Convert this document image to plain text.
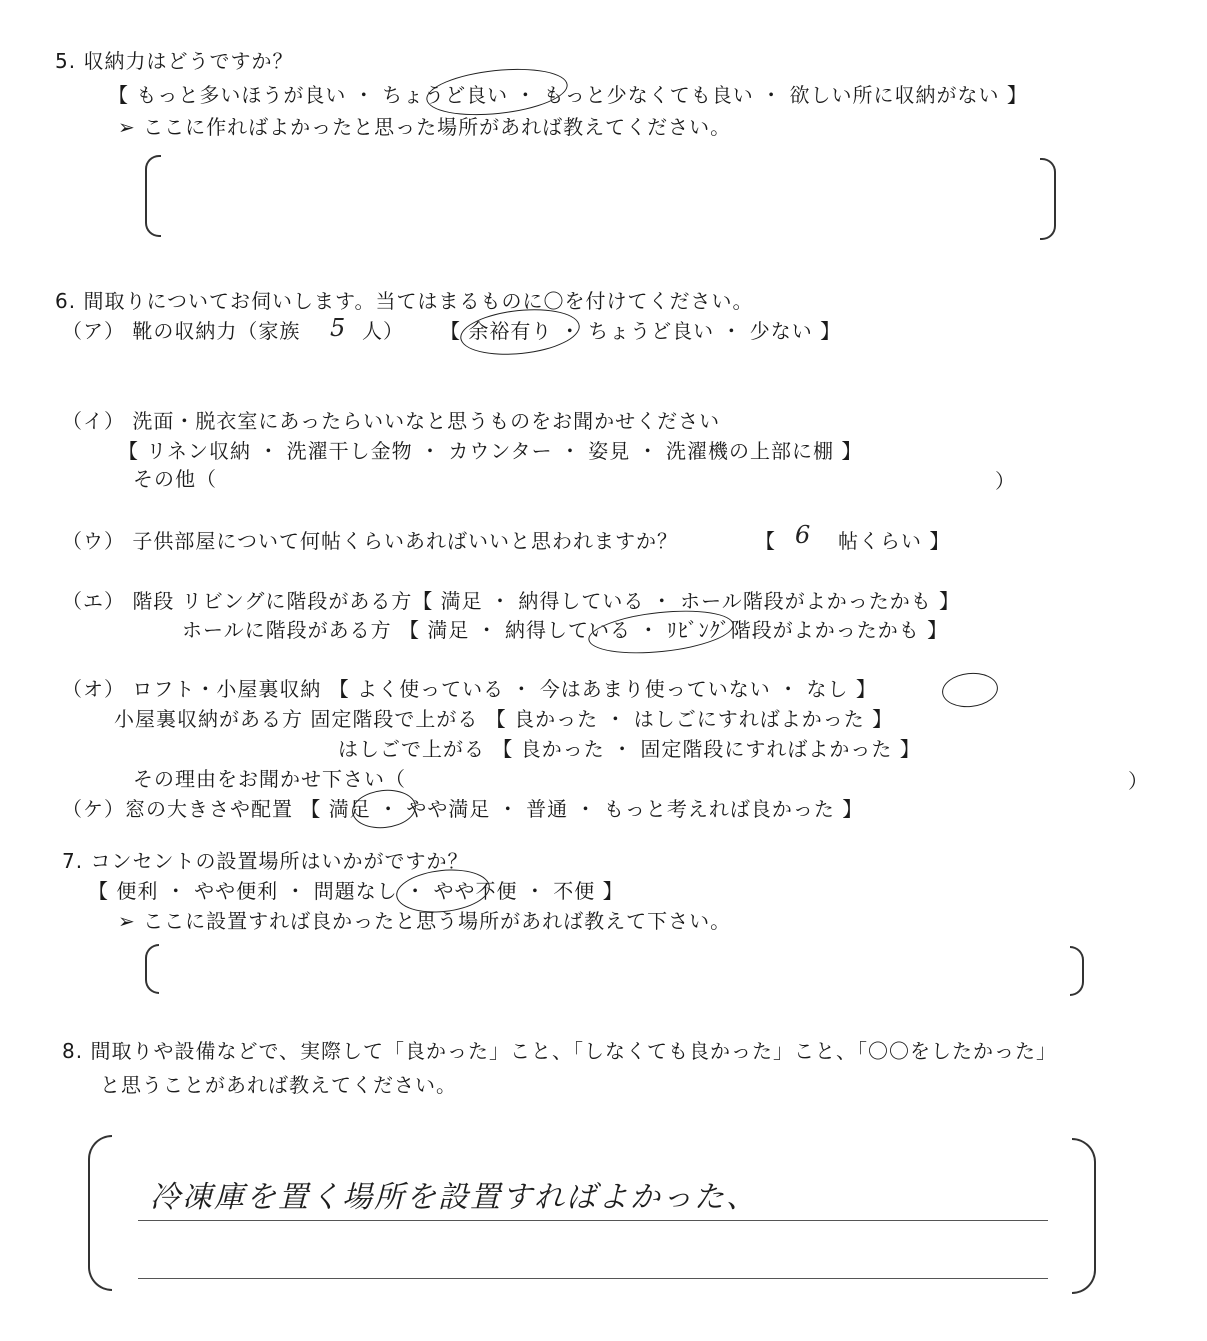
5. 収納力はどうですか？
【 もっと多いほうが良い ・ ちょうど良い ・ もっと少なくても良い ・ 欲しい所に収納がない 】
➢ ここに作ればよかったと思った場所があれば教えてください。
6. 間取りについてお伺いします。当てはまるものに〇を付けてください。
（ア） 靴の収納力（家族 5 人） 【 余裕有り ・ ちょうど良い ・ 少ない 】
（イ） 洗面・脱衣室にあったらいいなと思うものをお聞かせください
【 リネン収納 ・ 洗濯干し金物 ・ カウンター ・ 姿見 ・ 洗濯機の上部に棚 】
その他（	）
（ウ） 子供部屋について何帖くらいあればいいと思われますか？	【 6 帖くらい 】
（エ） 階段 リビングに階段がある方【 満足 ・ 納得している ・ ホール階段がよかったかも 】
ホールに階段がある方 【 満足 ・ 納得している ・ ﾘﾋﾞﾝｸﾞ階段がよかったかも 】
（オ） ロフト・小屋裏収納 【 よく使っている ・ 今はあまり使っていない ・ なし 】
小屋裏収納がある方 固定階段で上がる 【 良かった ・ はしごにすればよかった 】
はしごで上がる 【 良かった ・ 固定階段にすればよかった 】
その理由をお聞かせ下さい（	）
（ケ）窓の大きさや配置 【 満足 ・ やや満足 ・ 普通 ・ もっと考えれば良かった 】
7. コンセントの設置場所はいかがですか？
【 便利 ・ やや便利 ・ 問題なし ・ やや不便 ・ 不便 】
➢ ここに設置すれば良かったと思う場所があれば教えて下さい。
8. 間取りや設備などで、実際して「良かった」こと、「しなくても良かった」こと、「〇〇をしたかった」
と思うことがあれば教えてください。
冷凍庫を置く場所を設置すればよかった、
